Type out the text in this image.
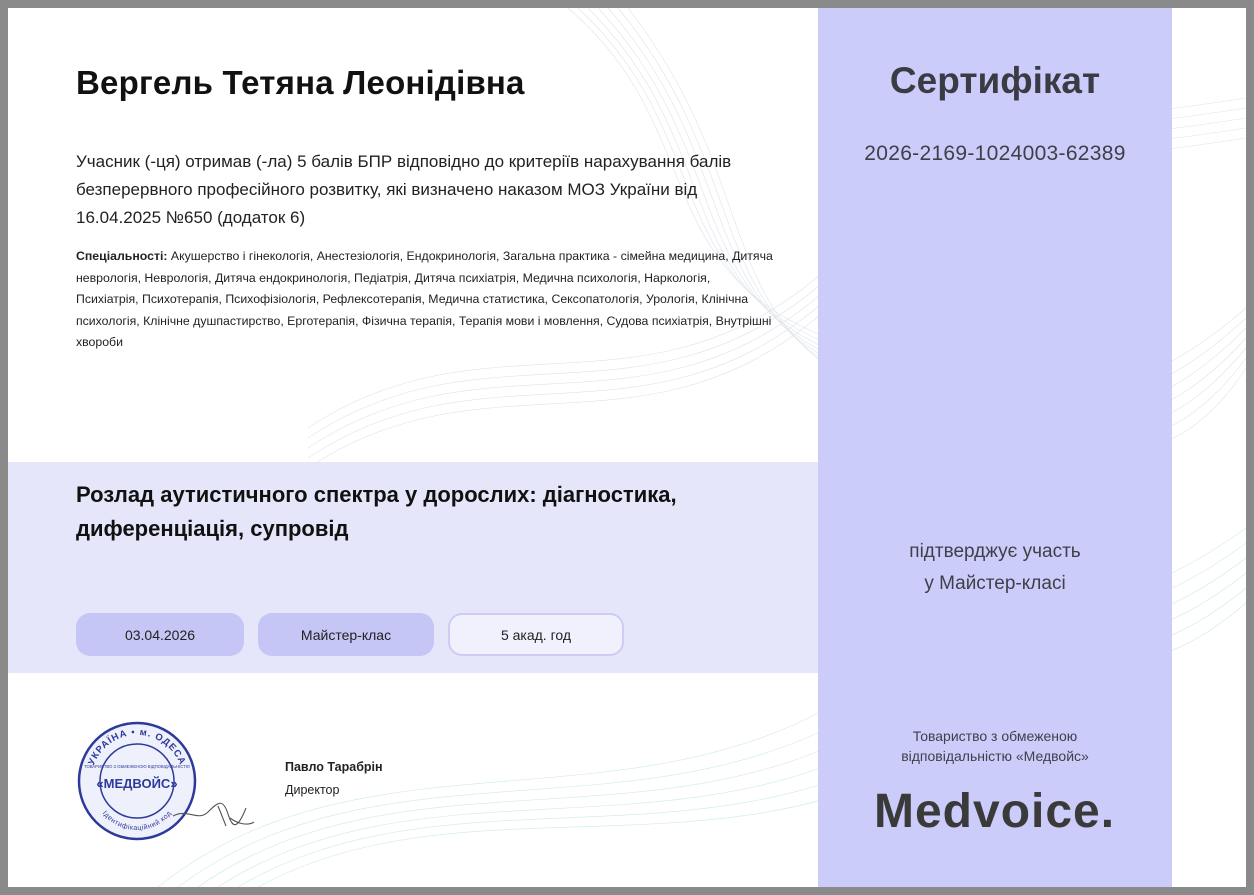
Вергель Тетяна Леонідівна
Учасник (-ця) отримав (-ла) 5 балів БПР відповідно до критеріїв нарахування балів безперервного професійного розвитку, які визначено наказом МОЗ України від 16.04.2025 №650 (додаток 6)
Спеціальності: Акушерство і гінекологія, Анестезіологія, Ендокринологія, Загальна практика - сімейна медицина, Дитяча неврологія, Неврологія, Дитяча ендокринологія, Педіатрія, Дитяча психіатрія, Медична психологія, Наркологія, Психіатрія, Психотерапія, Психофізіологія, Рефлексотерапія, Медична статистика, Сексопатологія, Урологія, Клінічна психологія, Клінічне душпастирство, Ерготерапія, Фізична терапія, Терапія мови і мовлення, Судова психіатрія, Внутрішні хвороби
Розлад аутистичного спектра у дорослих: діагностика, диференціація, супровід
03.04.2026	Майстер-клас	5 акад. год
Сертифікат
2026-2169-1024003-62389
підтверджує участь
у Майстер-класі
Товариство з обмеженою
відповідальністю «Медвойс»
Medvoice.
УКРАЇНА • м. ОДЕСА
Ідентифікаційний код
ТОВАРИСТВО З ОБМЕЖЕНОЮ ВІДПОВІДАЛЬНІСТЮ
«МЕДВОЙС»
Павло Тарабрін
Директор
